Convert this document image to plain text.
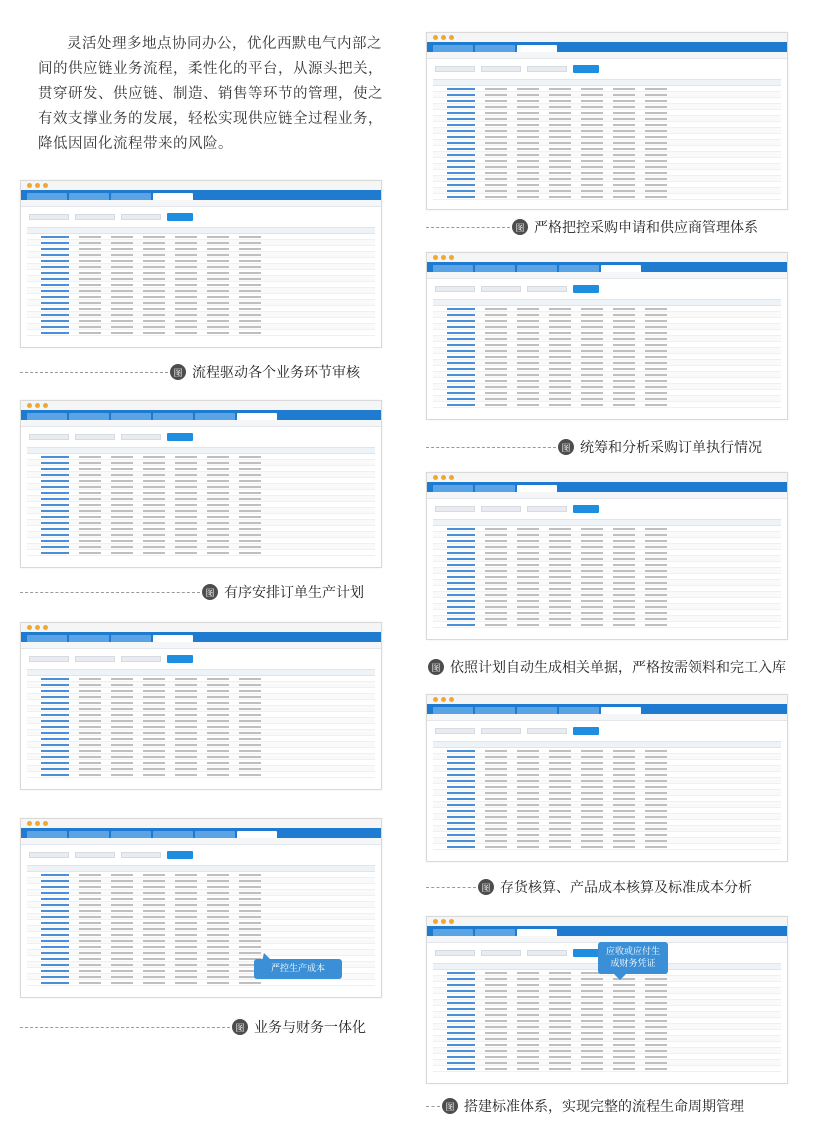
灵活处理多地点协同办公，优化西默电气内部之间的供应链业务流程，柔性化的平台，从源头把关，贯穿研发、供应链、制造、销售等环节的管理，使之有效支撑业务的发展，轻松实现供应链全过程业务，降低因固化流程带来的风险。

严控生产成本
应收或应付生成财务凭证
图 严格把控采购申请和供应商管理体系
图 流程驱动各个业务环节审核
图 统筹和分析采购订单执行情况
图 有序安排订单生产计划
图 依照计划自动生成相关单据，严格按需领料和完工入库
图 存货核算、产品成本核算及标准成本分析
图 业务与财务一体化
图 搭建标准体系，实现完整的流程生命周期管理
